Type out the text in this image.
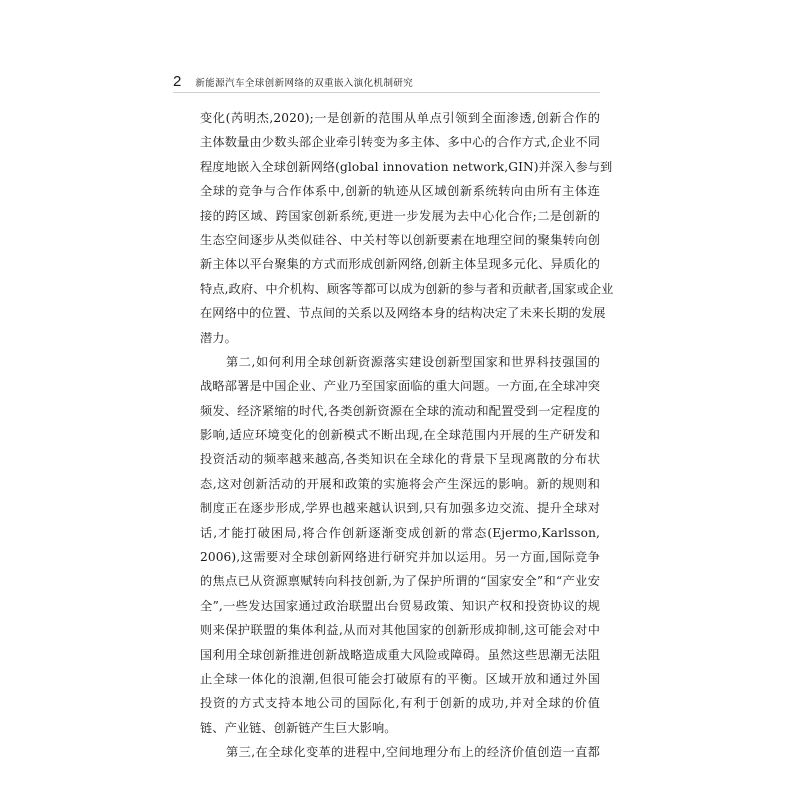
2 新能源汽车全球创新网络的双重嵌入演化机制研究
变化(芮明杰,2020);一是创新的范围从单点引领到全面渗透,创新合作的
主体数量由少数头部企业牵引转变为多主体、多中心的合作方式,企业不同
程度地嵌入全球创新网络(global innovation network,GIN)并深入参与到
全球的竞争与合作体系中,创新的轨迹从区域创新系统转向由所有主体连
接的跨区域、跨国家创新系统,更进一步发展为去中心化合作;二是创新的
生态空间逐步从类似硅谷、中关村等以创新要素在地理空间的聚集转向创
新主体以平台聚集的方式而形成创新网络,创新主体呈现多元化、异质化的
特点,政府、中介机构、顾客等都可以成为创新的参与者和贡献者,国家或企业
在网络中的位置、节点间的关系以及网络本身的结构决定了未来长期的发展
潜力。
第二,如何利用全球创新资源落实建设创新型国家和世界科技强国的
战略部署是中国企业、产业乃至国家面临的重大问题。一方面,在全球冲突
频发、经济紧缩的时代,各类创新资源在全球的流动和配置受到一定程度的
影响,适应环境变化的创新模式不断出现,在全球范围内开展的生产研发和
投资活动的频率越来越高,各类知识在全球化的背景下呈现离散的分布状
态,这对创新活动的开展和政策的实施将会产生深远的影响。新的规则和
制度正在逐步形成,学界也越来越认识到,只有加强多边交流、提升全球对
话,才能打破困局,将合作创新逐渐变成创新的常态(Ejermo,Karlsson,
2006),这需要对全球创新网络进行研究并加以运用。另一方面,国际竞争
的焦点已从资源禀赋转向科技创新,为了保护所谓的“国家安全”和“产业安
全”,一些发达国家通过政治联盟出台贸易政策、知识产权和投资协议的规
则来保护联盟的集体利益,从而对其他国家的创新形成抑制,这可能会对中
国利用全球创新推进创新战略造成重大风险或障碍。虽然这些思潮无法阻
止全球一体化的浪潮,但很可能会打破原有的平衡。区域开放和通过外国
投资的方式支持本地公司的国际化,有利于创新的成功,并对全球的价值
链、产业链、创新链产生巨大影响。
第三,在全球化变革的进程中,空间地理分布上的经济价值创造一直都
